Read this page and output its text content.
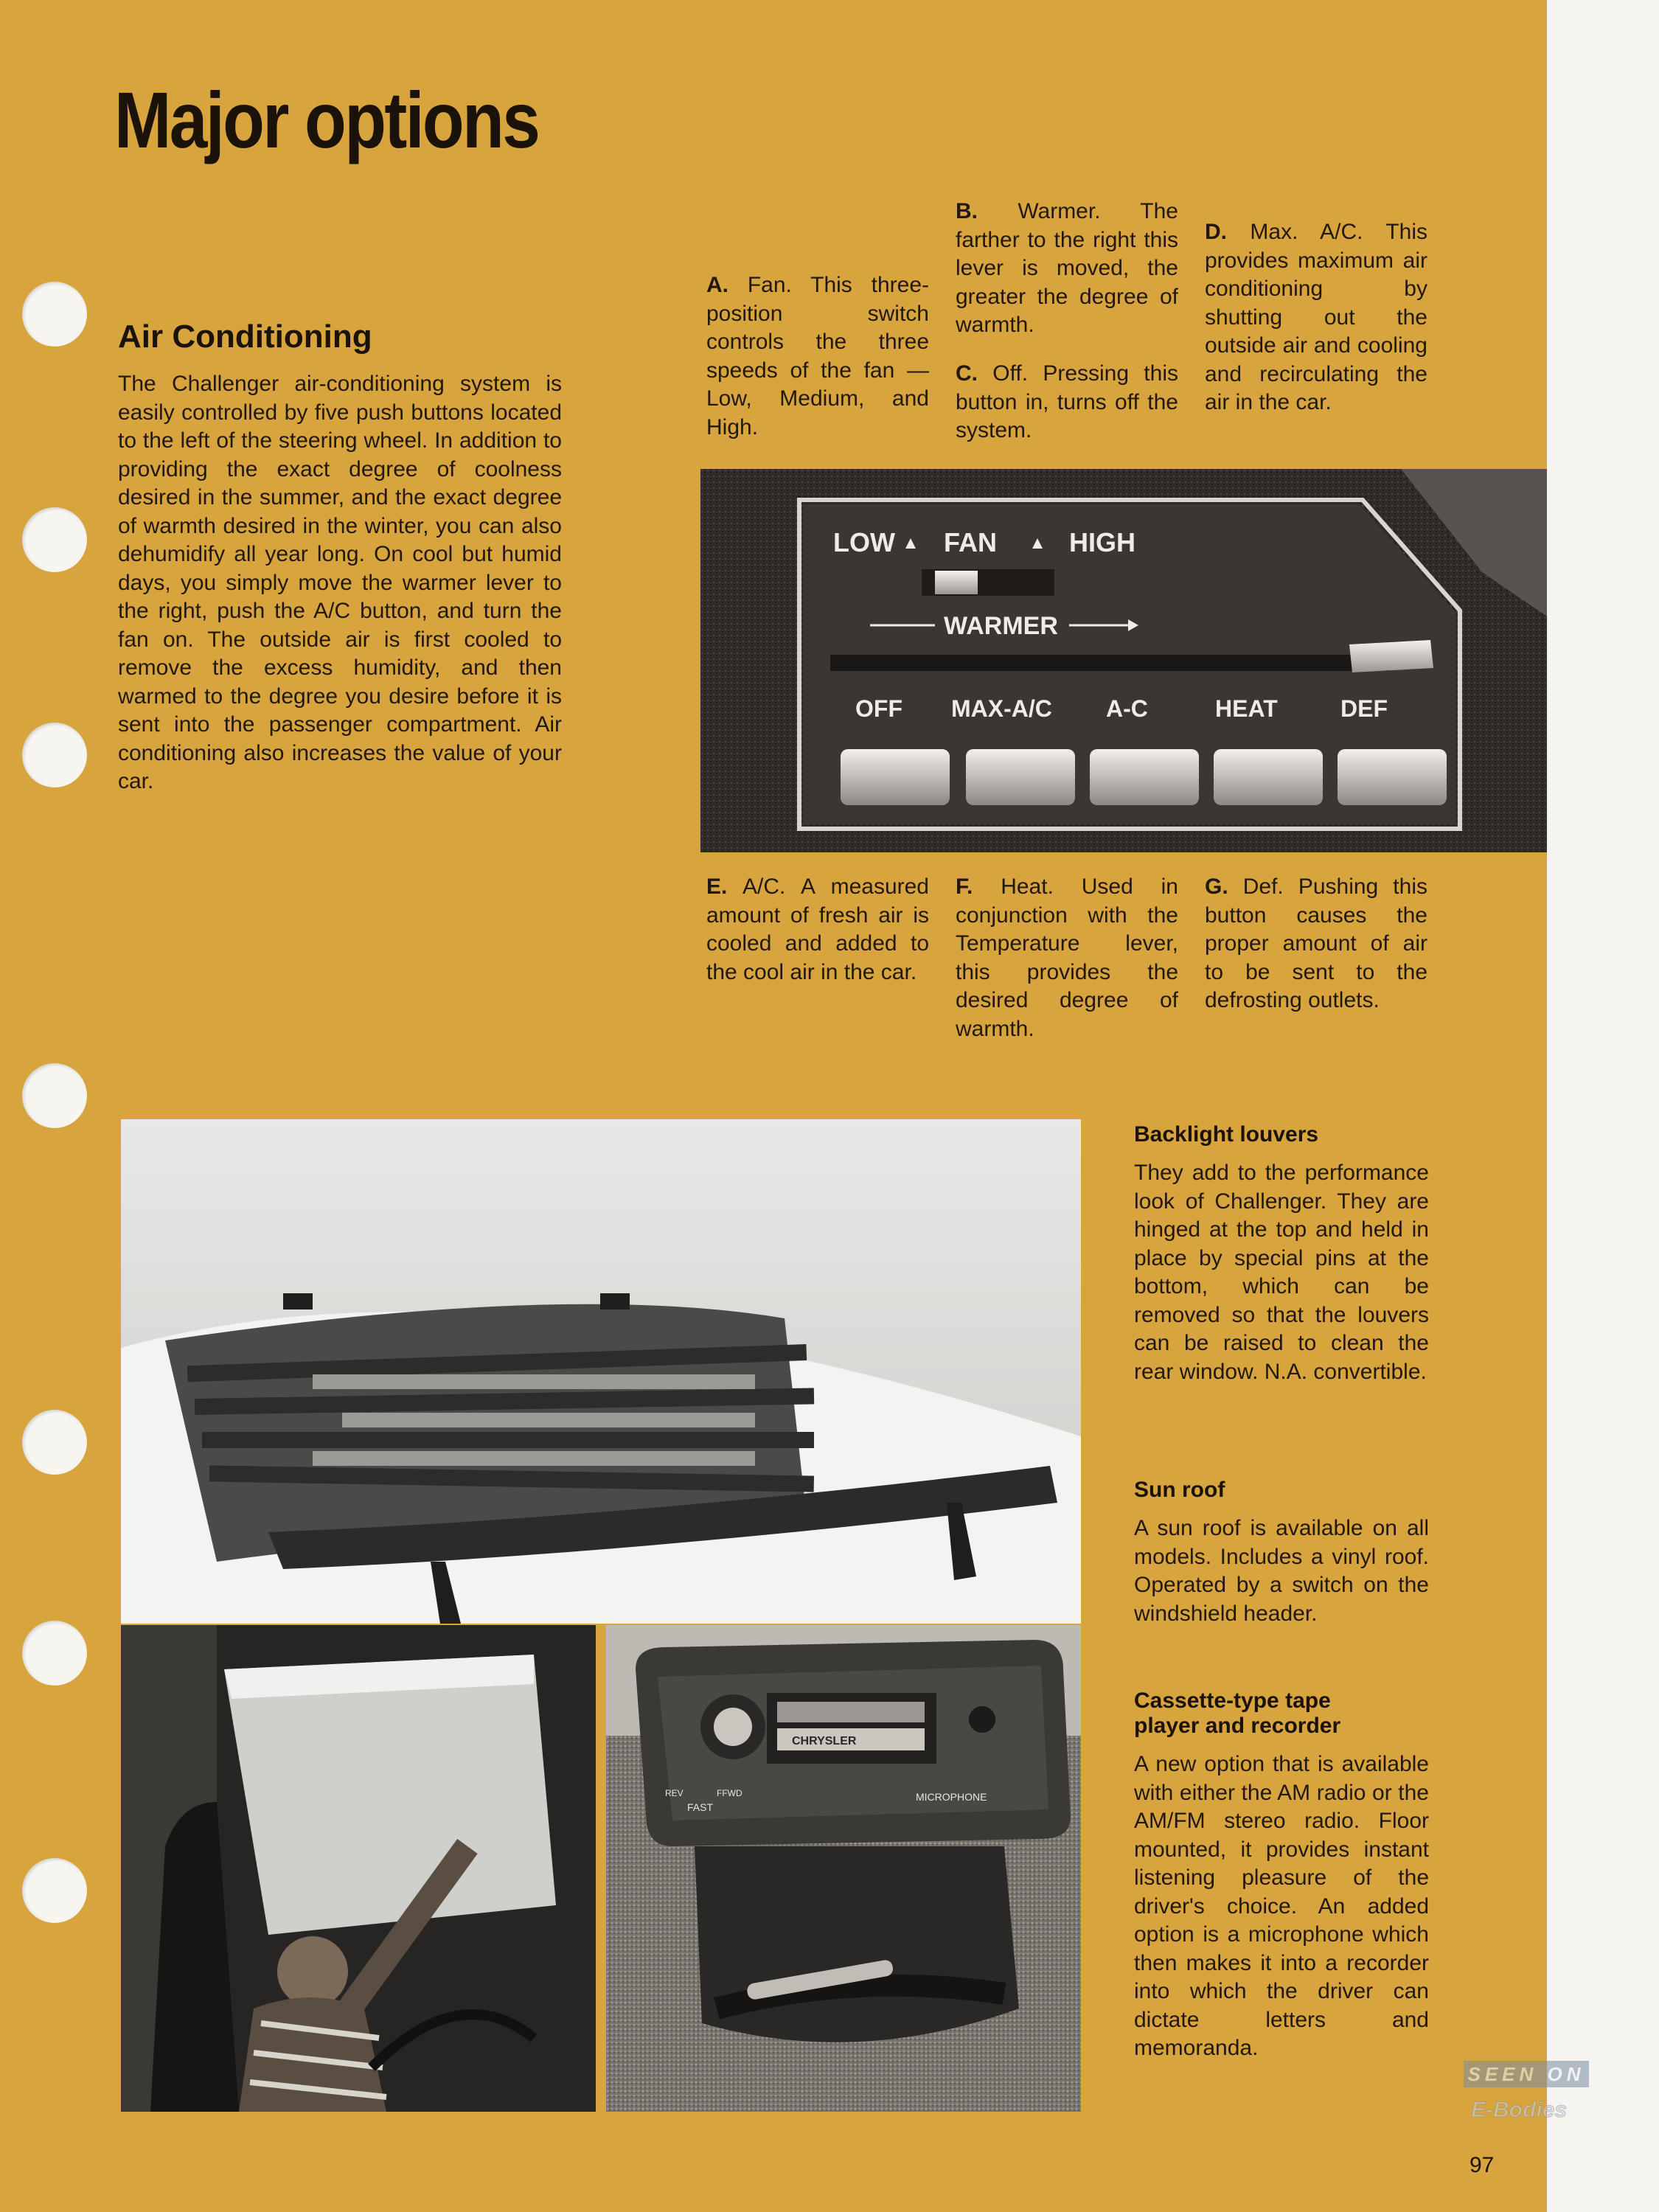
Major options
Air Conditioning
The Challenger air-conditioning system is easily controlled by five push buttons located to the left of the steering wheel. In addition to providing the exact degree of coolness desired in the summer, and the exact degree of warmth desired in the winter, you can also dehumidify all year long. On cool but humid days, you simply move the warmer lever to the right, push the A/C button, and turn the fan on. The outside air is first cooled to remove the excess humidity, and then warmed to the degree you desire before it is sent into the passenger compartment. Air conditioning also increases the value of your car.
A. Fan. This three-position switch controls the three speeds of the fan —Low, Medium, and High.
B. Warmer. The farther to the right this lever is moved, the greater the degree of warmth.
C. Off. Pressing this button in, turns off the system.
D. Max. A/C. This provides maximum air conditioning by shutting out the outside air and cooling and recirculating the air in the car.
LOW FAN	HIGH
WARMER
OFF MAX-A/C A-C	HEAT	DEF
E. A/C. A measured amount of fresh air is cooled and added to the cool air in the car.
F. Heat. Used in conjunction with the Temperature lever, this provides the desired degree of warmth.
G. Def. Pushing this button causes the proper amount of air to be sent to the defrosting outlets.
CHRYSLER
REV	FFWD
FAST
MICROPHONE
Backlight louvers
They add to the performance look of Challenger. They are hinged at the top and held in place by special pins at the bottom, which can be removed so that the louvers can be raised to clean the rear window. N.A. convertible.
Sun roof
A sun roof is available on all models. Includes a vinyl roof. Operated by a switch on the windshield header.
Cassette-type tape player and recorder
A new option that is available with either the AM radio or the AM/FM stereo radio. Floor mounted, it provides instant listening pleasure of the driver's choice. An added option is a microphone which then makes it into a recorder into which the driver can dictate letters and memoranda.
SEEN ON
E-Bodies
97
